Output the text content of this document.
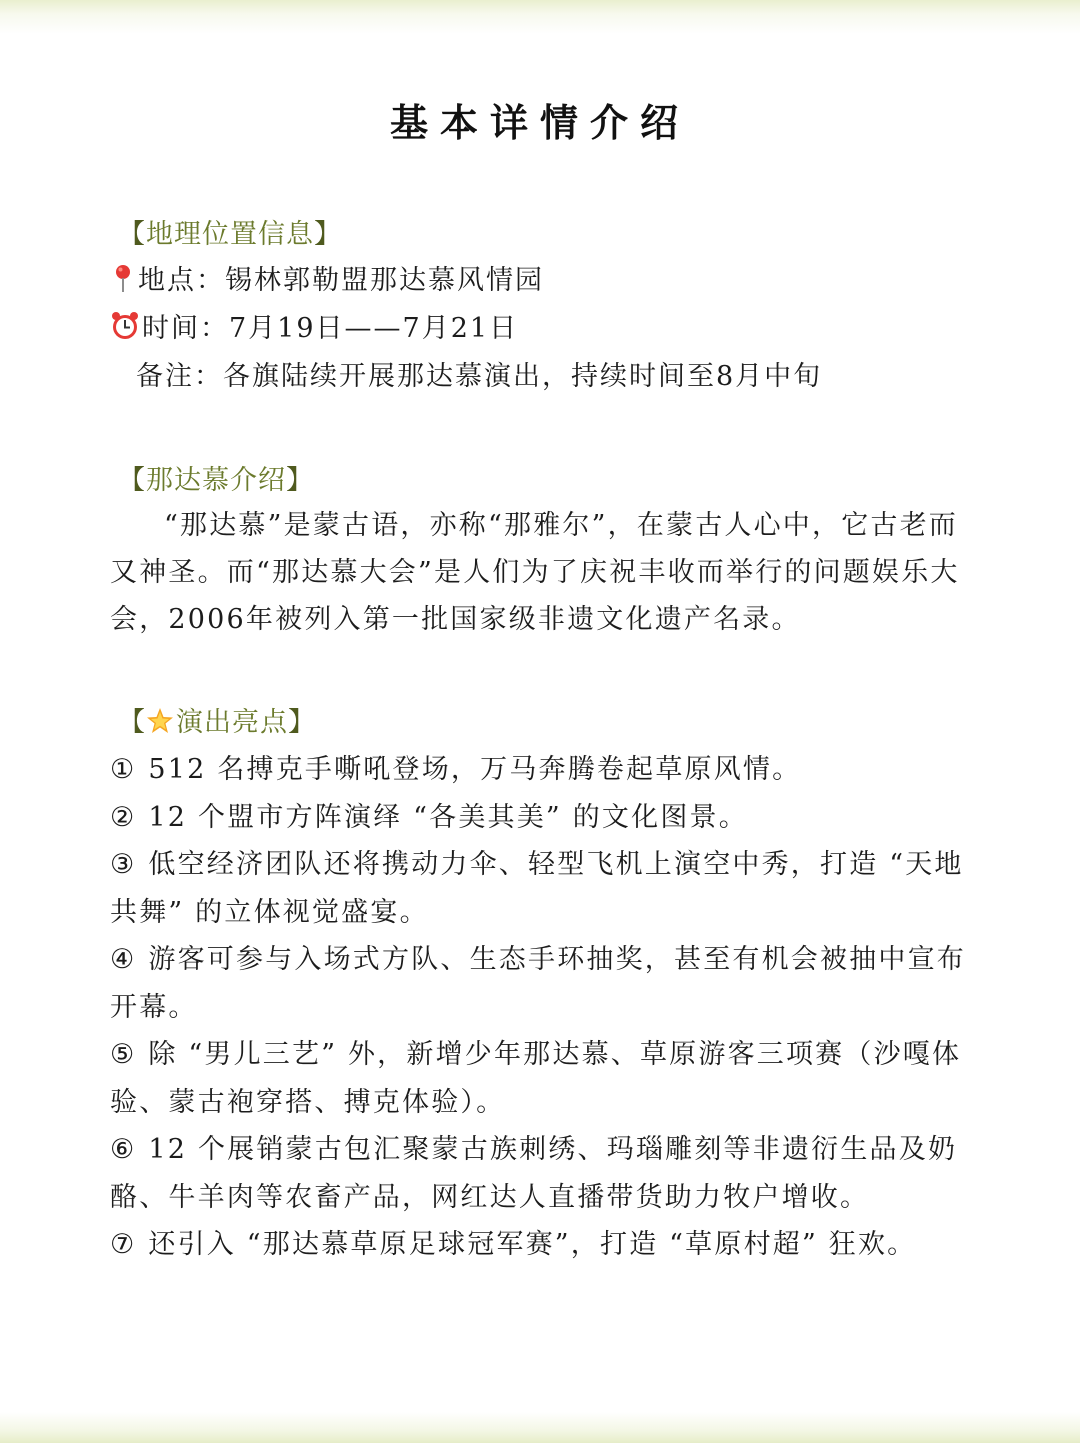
基本详情介绍
【地理位置信息】
地点：锡林郭勒盟那达慕风情园
时间：7月19日——7月21日
备注：各旗陆续开展那达慕演出，持续时间至8月中旬
【那达慕介绍】
“那达慕”是蒙古语，亦称“那雅尔”，在蒙古人心中，它古老而又神圣。而“那达慕大会”是人们为了庆祝丰收而举行的问题娱乐大会，2006年被列入第一批国家级非遗文化遗产名录。
【 演出亮点】
① 512 名搏克手嘶吼登场，万马奔腾卷起草原风情。
② 12 个盟市方阵演绎 “各美其美” 的文化图景。
③ 低空经济团队还将携动力伞、轻型飞机上演空中秀，打造 “天地共舞” 的立体视觉盛宴。
④ 游客可参与入场式方队、生态手环抽奖，甚至有机会被抽中宣布开幕。
⑤ 除 “男儿三艺” 外，新增少年那达慕、草原游客三项赛（沙嘎体验、蒙古袍穿搭、搏克体验）。
⑥ 12 个展销蒙古包汇聚蒙古族刺绣、玛瑙雕刻等非遗衍生品及奶酪、牛羊肉等农畜产品，网红达人直播带货助力牧户增收。
⑦ 还引入 “那达慕草原足球冠军赛”，打造 “草原村超” 狂欢。
